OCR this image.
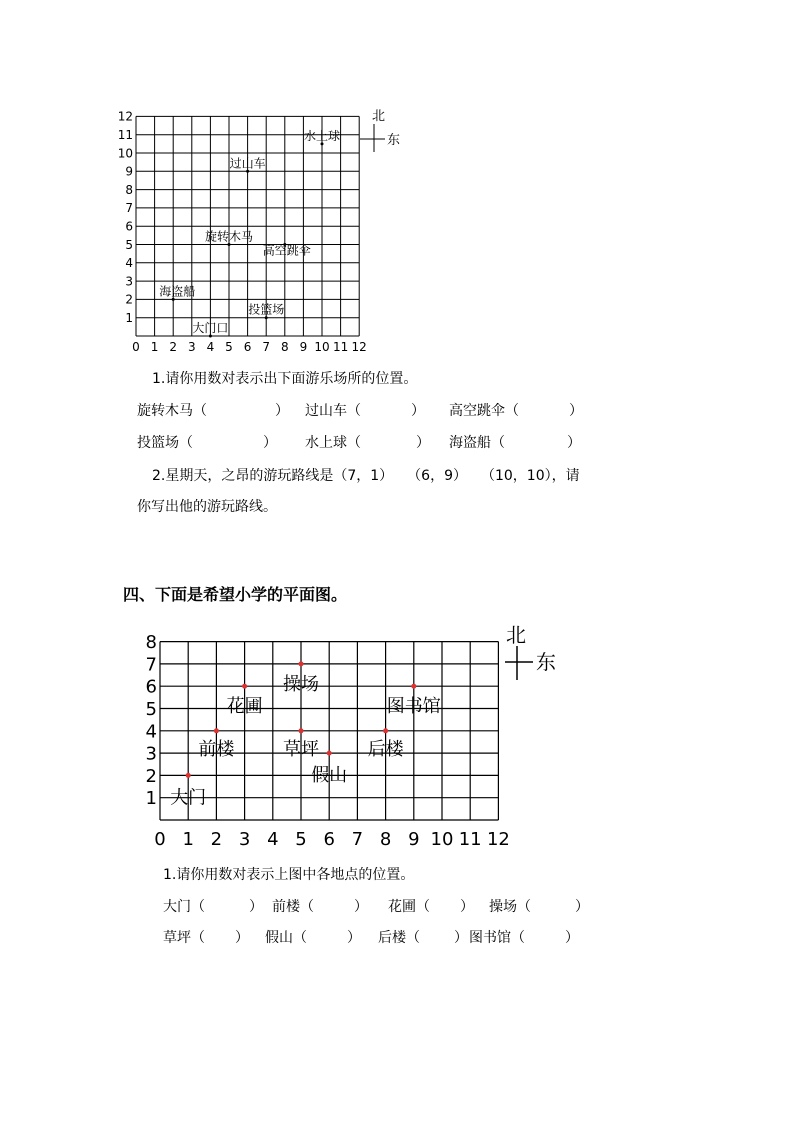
0 1 2 3 4 5 6 7 8 9 10 11 12
1
2
3
4
5
6
7
8
9
10
11
12
水上球
过山车
旋转木马
高空跳伞
海盗船
投篮场
大门口
北
东
1.请你用数对表示出下面游乐场所的位置。
旋转木马（	） 过山车（	） 高空跳伞（	）
投篮场（	） 水上球（	） 海盗船（	）
2.星期天，之昂的游玩路线是（7，1）　　（6，9）　　（10，10），请
你写出他的游玩路线。
四、下面是希望小学的平面图。
0 1 2 3 4 5 6 7 8 9 10 11 12
1
2
3
4
5
6
7
8
大门
前楼
花圃
操场
草坪
假山
后楼
图书馆
北
东
1.请你用数对表示上图中各地点的位置。
大门（	） 前楼（	） 花圃（ ） 操场（	）
草坪（ ） 假山（	） 后楼（ ） 图书馆（	）
